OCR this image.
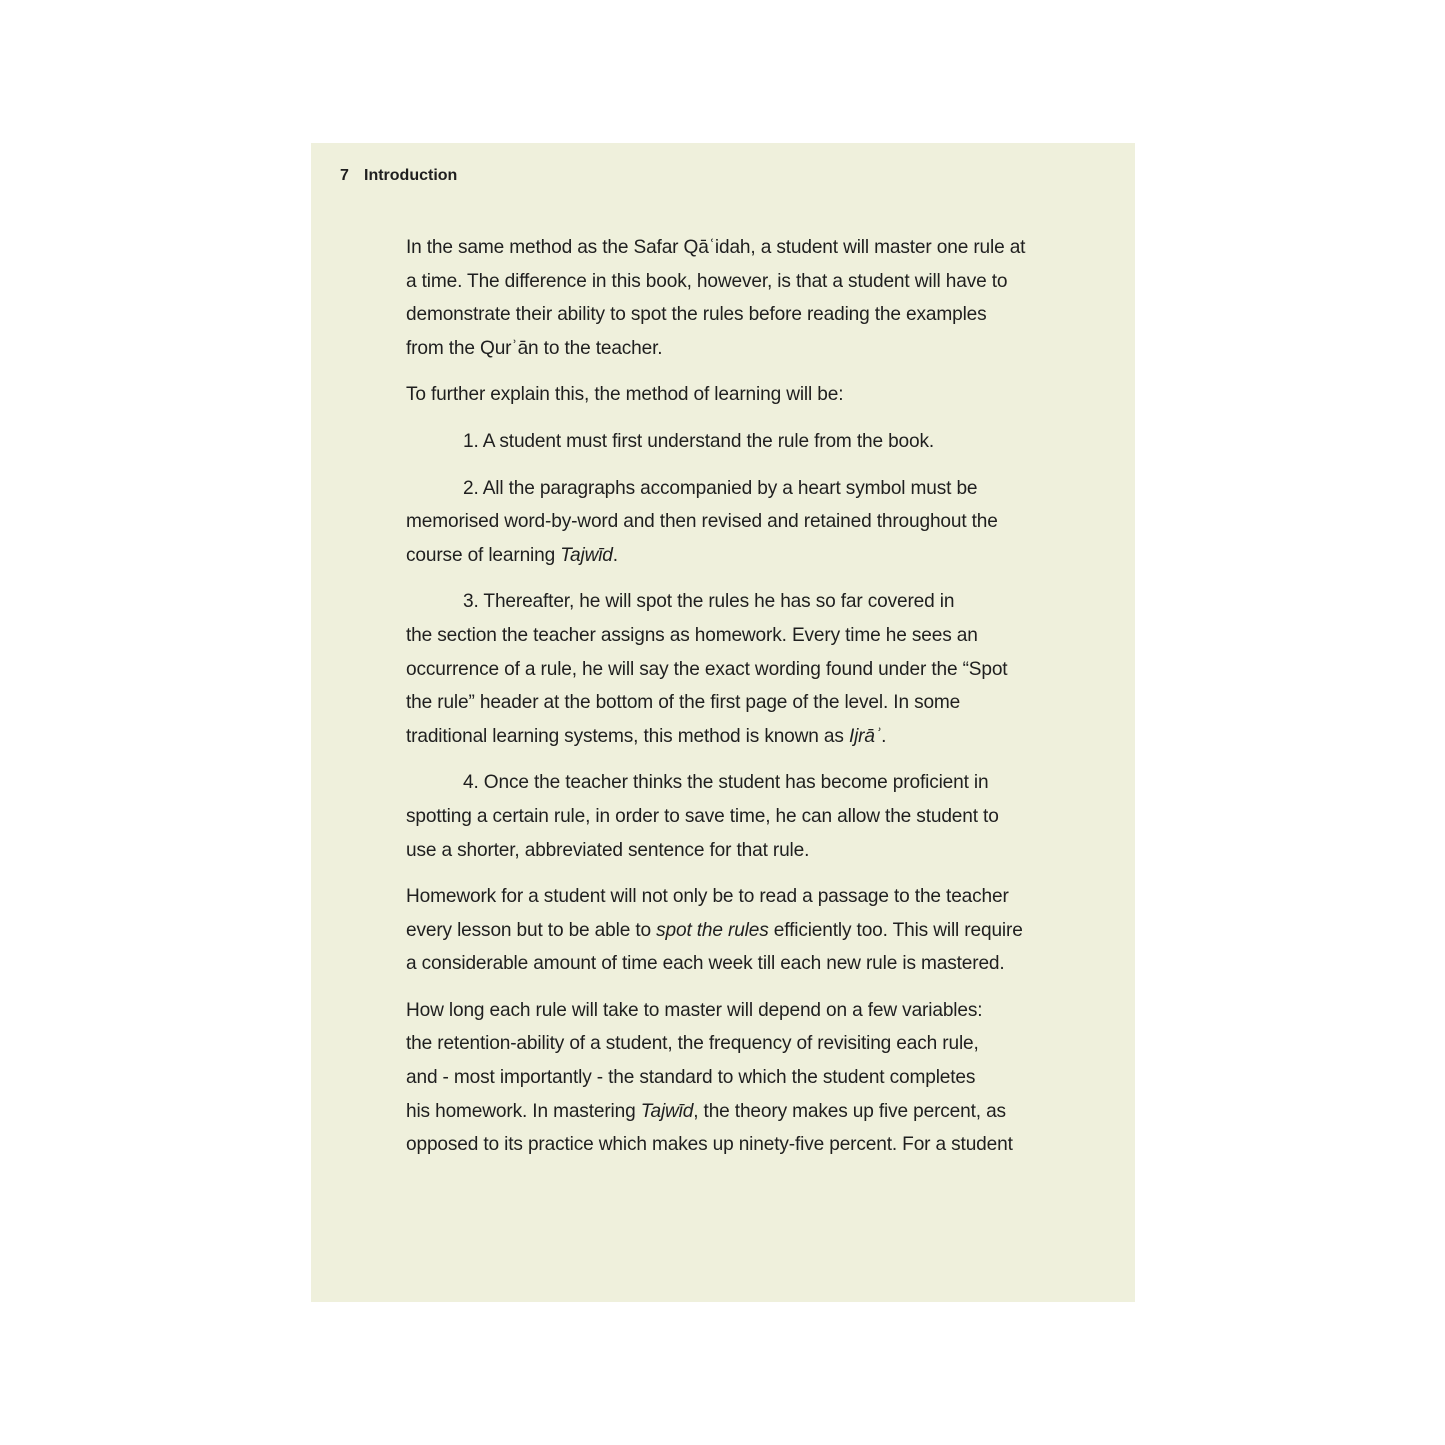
7 Introduction

In the same method as the Safar Qāʿidah, a student will master one rule at
a time. The difference in this book, however, is that a student will have to
demonstrate their ability to spot the rules before reading the examples
from the Qurʾān to the teacher.

To further explain this, the method of learning will be:

1. A student must first understand the rule from the book.

2. All the paragraphs accompanied by a heart symbol must be
memorised word-by-word and then revised and retained throughout the
course of learning Tajwīd.

3. Thereafter, he will spot the rules he has so far covered in
the section the teacher assigns as homework. Every time he sees an
occurrence of a rule, he will say the exact wording found under the “Spot
the rule” header at the bottom of the first page of the level. In some
traditional learning systems, this method is known as Ijrāʾ.

4. Once the teacher thinks the student has become proficient in
spotting a certain rule, in order to save time, he can allow the student to
use a shorter, abbreviated sentence for that rule.

Homework for a student will not only be to read a passage to the teacher
every lesson but to be able to spot the rules efficiently too. This will require
a considerable amount of time each week till each new rule is mastered.

How long each rule will take to master will depend on a few variables:
the retention-ability of a student, the frequency of revisiting each rule,
and - most importantly - the standard to which the student completes
his homework. In mastering Tajwīd, the theory makes up five percent, as
opposed to its practice which makes up ninety-five percent. For a student
